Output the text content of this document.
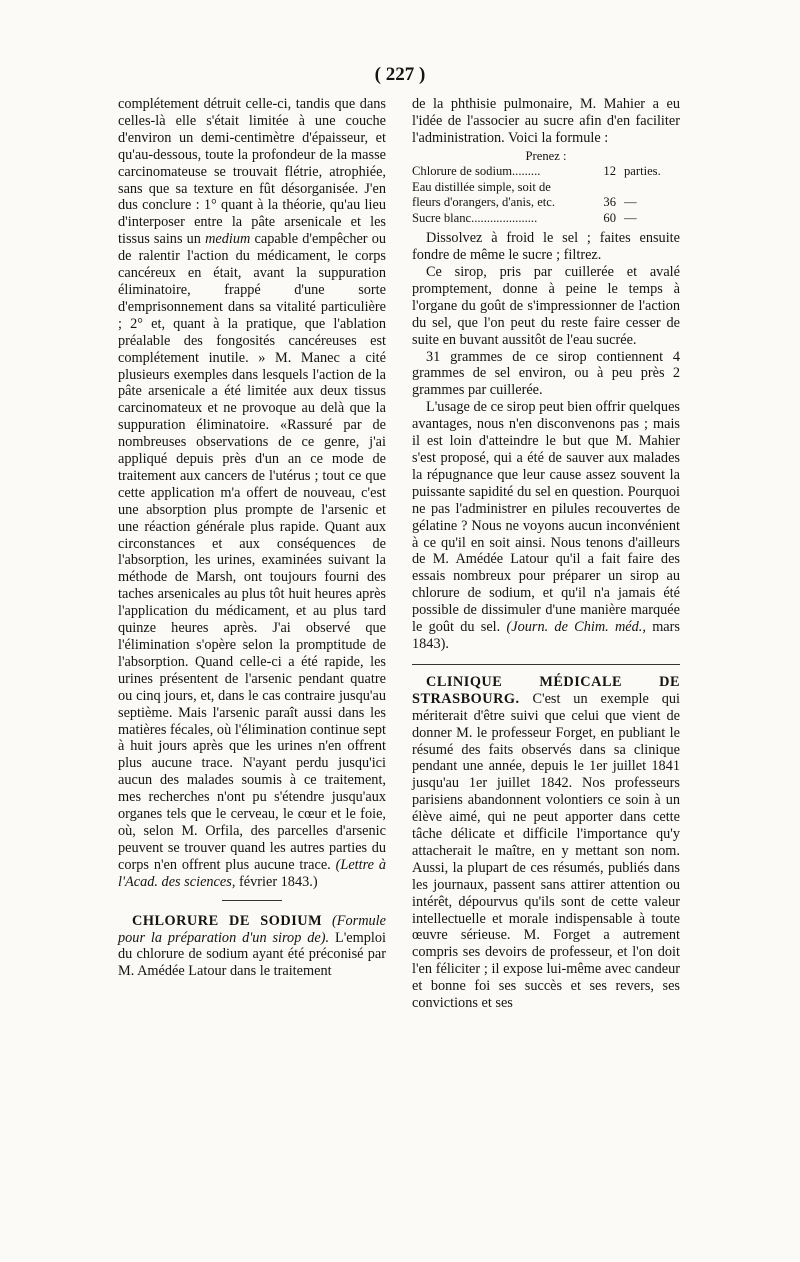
( 227 )

complétement détruit celle-ci, tandis que dans celles-là elle s'était limitée à une couche d'environ un demi-centimètre d'épaisseur, et qu'au-dessous, toute la profondeur de la masse carcinomateuse se trouvait flétrie, atrophiée, sans que sa texture en fût désorganisée. J'en dus conclure : 1° quant à la théorie, qu'au lieu d'interposer entre la pâte arsenicale et les tissus sains un medium capable d'empêcher ou de ralentir l'action du médicament, le corps cancéreux en était, avant la suppuration éliminatoire, frappé d'une sorte d'emprisonnement dans sa vitalité particulière ; 2° et, quant à la pratique, que l'ablation préalable des fongosités cancéreuses est complétement inutile. » M. Manec a cité plusieurs exemples dans lesquels l'action de la pâte arsenicale a été limitée aux deux tissus carcinomateux et ne provoque au delà que la suppuration éliminatoire. «Rassuré par de nombreuses observations de ce genre, j'ai appliqué depuis près d'un an ce mode de traitement aux cancers de l'utérus ; tout ce que cette application m'a offert de nouveau, c'est une absorption plus prompte de l'arsenic et une réaction générale plus rapide. Quant aux circonstances et aux conséquences de l'absorption, les urines, examinées suivant la méthode de Marsh, ont toujours fourni des taches arsenicales au plus tôt huit heures après l'application du médicament, et au plus tard quinze heures après. J'ai observé que l'élimination s'opère selon la promptitude de l'absorption. Quand celle-ci a été rapide, les urines présentent de l'arsenic pendant quatre ou cinq jours, et, dans le cas contraire jusqu'au septième. Mais l'arsenic paraît aussi dans les matières fécales, où l'élimination continue sept à huit jours après que les urines n'en offrent plus aucune trace. N'ayant perdu jusqu'ici aucun des malades soumis à ce traitement, mes recherches n'ont pu s'étendre jusqu'aux organes tels que le cerveau, le cœur et le foie, où, selon M. Orfila, des parcelles d'arsenic peuvent se trouver quand les autres parties du corps n'en offrent plus aucune trace. (Lettre à l'Acad. des sciences, février 1843.)

CHLORURE DE SODIUM (Formule pour la préparation d'un sirop de). L'emploi du chlorure de sodium ayant été préconisé par M. Amédée Latour dans le traitement

de la phthisie pulmonaire, M. Mahier a eu l'idée de l'associer au sucre afin d'en faciliter l'administration. Voici la formule :

Prenez :
Chlorure de sodium.........	12 parties.
Eau distillée simple, soit de
fleurs d'orangers, d'anis, etc.	36 —
Sucre blanc.....................	60 —

Dissolvez à froid le sel ; faites ensuite fondre de même le sucre ; filtrez.

Ce sirop, pris par cuillerée et avalé promptement, donne à peine le temps à l'organe du goût de s'impressionner de l'action du sel, que l'on peut du reste faire cesser de suite en buvant aussitôt de l'eau sucrée.

31 grammes de ce sirop contiennent 4 grammes de sel environ, ou à peu près 2 grammes par cuillerée.

L'usage de ce sirop peut bien offrir quelques avantages, nous n'en disconvenons pas ; mais il est loin d'atteindre le but que M. Mahier s'est proposé, qui a été de sauver aux malades la répugnance que leur cause assez souvent la puissante sapidité du sel en question. Pourquoi ne pas l'administrer en pilules recouvertes de gélatine ? Nous ne voyons aucun inconvénient à ce qu'il en soit ainsi. Nous tenons d'ailleurs de M. Amédée Latour qu'il a fait faire des essais nombreux pour préparer un sirop au chlorure de sodium, et qu'il n'a jamais été possible de dissimuler d'une manière marquée le goût du sel. (Journ. de Chim. méd., mars 1843).

CLINIQUE MÉDICALE DE STRASBOURG. C'est un exemple qui mériterait d'être suivi que celui que vient de donner M. le professeur Forget, en publiant le résumé des faits observés dans sa clinique pendant une année, depuis le 1er juillet 1841 jusqu'au 1er juillet 1842. Nos professeurs parisiens abandonnent volontiers ce soin à un élève aimé, qui ne peut apporter dans cette tâche délicate et difficile l'importance qu'y attacherait le maître, en y mettant son nom. Aussi, la plupart de ces résumés, publiés dans les journaux, passent sans attirer attention ou intérêt, dépourvus qu'ils sont de cette valeur intellectuelle et morale indispensable à toute œuvre sérieuse. M. Forget a autrement compris ses devoirs de professeur, et l'on doit l'en féliciter ; il expose lui-même avec candeur et bonne foi ses succès et ses revers, ses convictions et ses
